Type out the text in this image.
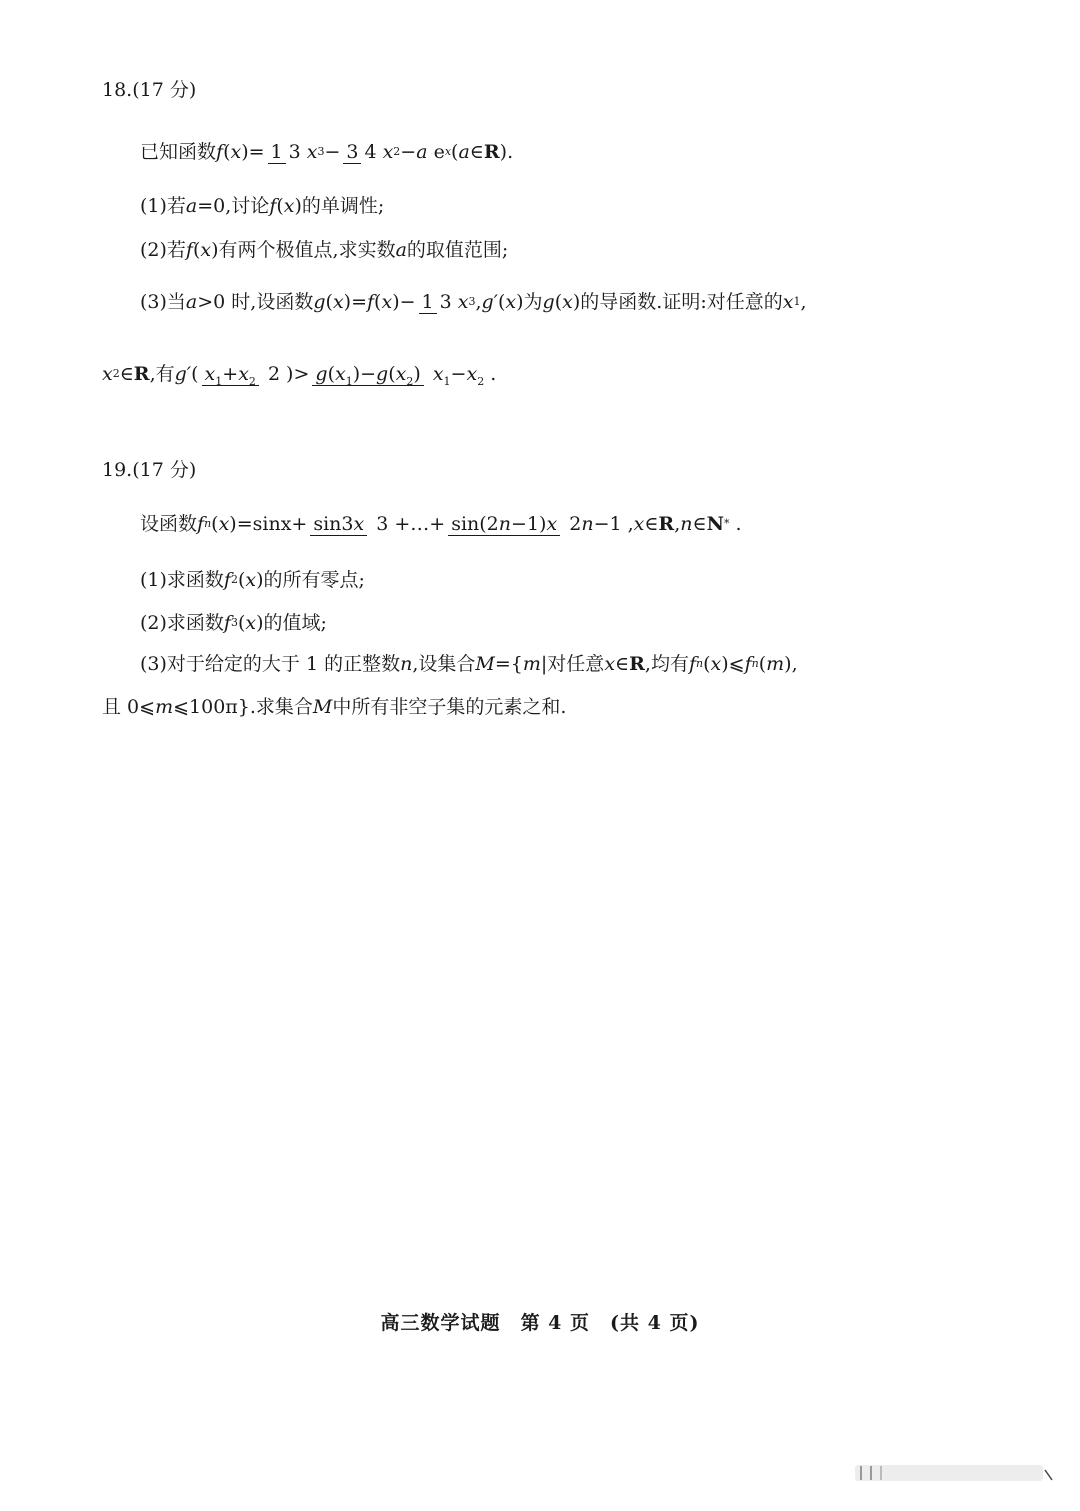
18.(17 分)
已知函数 f ( x ) = 1 3 x 3 − 3 4 x 2 − a
e x ( a ∈ R ).
(1)若 a =0,讨论 f ( x ) 的单调性;
(2)若 f ( x ) 有两个极值点,求实数 a 的取值范围;
(3)当 a >0 时,设函数 g ( x ) = f ( x ) − 1 3 x 3 , g′ ( x ) 为 g ( x ) 的导函数.证明:对任意的 x 1 ,
x 2 ∈ R ,有 g′ ( $x_1+x_2$ 2 ) > $g(x_1)-g(x_2)$ $x_1-x_2$ .
19.(17 分)
设函数 f n ( x ) = sinx + sin3x 3 +…+ sin(2n−1)x 2n−1 , x ∈ R , n ∈ N *
.
(1)求函数 f 2 ( x ) 的所有零点;
(2)求函数 f 3 ( x ) 的值域;
(3)对于给定的大于 1 的正整数 n ,设集合 M ={ m |对任意 x ∈ R ,均有 f n ( x ) ⩽ f n ( m ),
且 0⩽ m ⩽100π}.求集合 M 中所有非空子集的元素之和.
高三数学试题 第 4 页 (共 4 页)
